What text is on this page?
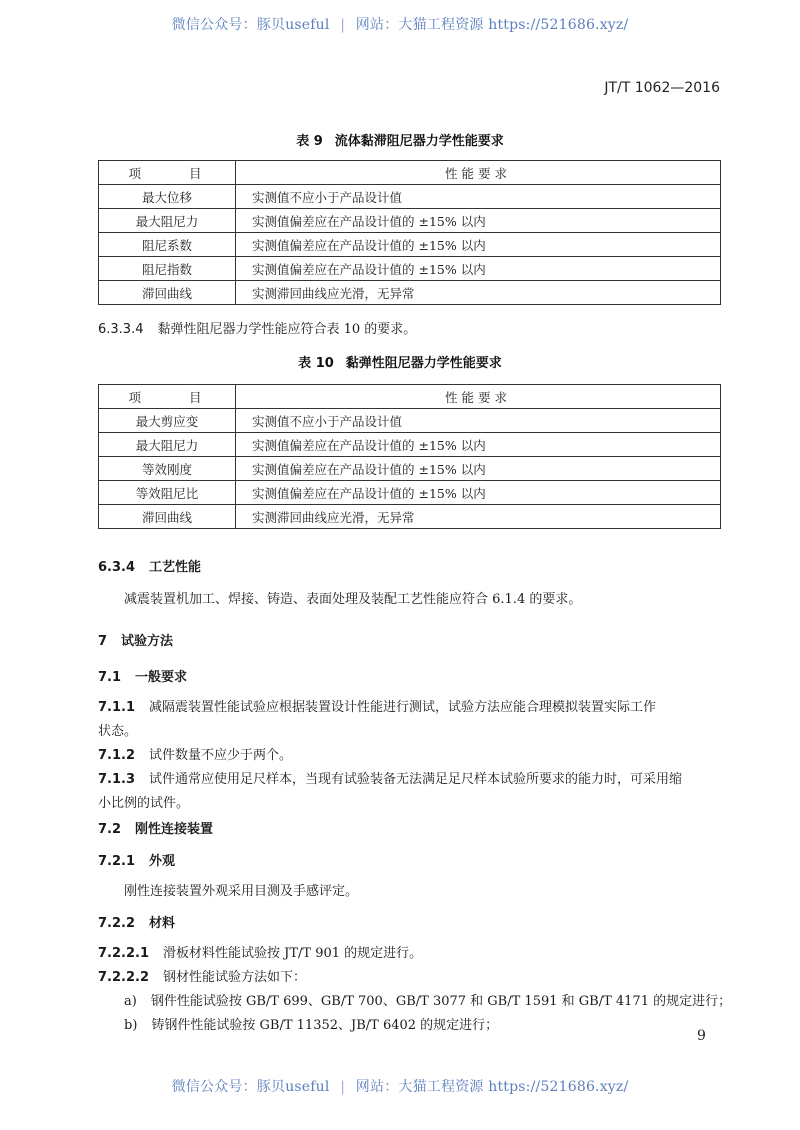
微信公众号：豚贝useful | 网站：大猫工程资源 https://521686.xyz/
JT/T 1062—2016
表 9 流体黏滞阻尼器力学性能要求
项 目	性能要求
最大位移	实测值不应小于产品设计值
最大阻尼力	实测值偏差应在产品设计值的 ±15% 以内
阻尼系数	实测值偏差应在产品设计值的 ±15% 以内
阻尼指数	实测值偏差应在产品设计值的 ±15% 以内
滞回曲线	实测滞回曲线应光滑，无异常
6.3.3.4 黏弹性阻尼器力学性能应符合表 10 的要求。
表 10 黏弹性阻尼器力学性能要求
项 目	性能要求
最大剪应变	实测值不应小于产品设计值
最大阻尼力	实测值偏差应在产品设计值的 ±15% 以内
等效刚度	实测值偏差应在产品设计值的 ±15% 以内
等效阻尼比	实测值偏差应在产品设计值的 ±15% 以内
滞回曲线	实测滞回曲线应光滑，无异常
6.3.4 工艺性能
减震装置机加工、焊接、铸造、表面处理及装配工艺性能应符合 6.1.4 的要求。
7 试验方法
7.1 一般要求
7.1.1 减隔震装置性能试验应根据装置设计性能进行测试，试验方法应能合理模拟装置实际工作
状态。
7.1.2 试件数量不应少于两个。
7.1.3 试件通常应使用足尺样本，当现有试验装备无法满足足尺样本试验所要求的能力时，可采用缩
小比例的试件。
7.2 刚性连接装置
7.2.1 外观
刚性连接装置外观采用目测及手感评定。
7.2.2 材料
7.2.2.1 滑板材料性能试验按 JT/T 901 的规定进行。
7.2.2.2 钢材性能试验方法如下：
a) 钢件性能试验按 GB/T 699、GB/T 700、GB/T 3077 和 GB/T 1591 和 GB/T 4171 的规定进行；
b) 铸钢件性能试验按 GB/T 11352、JB/T 6402 的规定进行；
9
微信公众号：豚贝useful | 网站：大猫工程资源 https://521686.xyz/
